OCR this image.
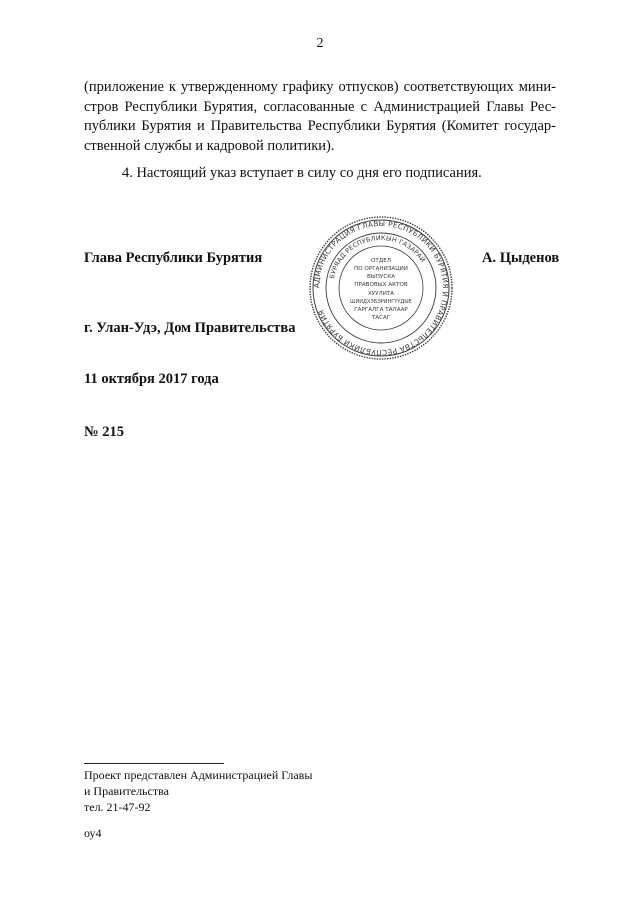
2
(приложение к утвержденному графику отпусков) соответствующих мини-
стров Республики Бурятия, согласованные с Администрацией Главы Рес-
публики Бурятия и Правительства Республики Бурятия (Комитет государ-
ственной службы и кадровой политики).
4. Настоящий указ вступает в силу со дня его подписания.
Глава Республики Бурятия	А. Цыденов
АДМИНИСТРАЦИЯ ГЛАВЫ РЕСПУБЛИКИ БУРЯТИЯ И ПРАВИТЕЛЬСТВА РЕСПУБЛИКИ БУРЯТИЯ
БУРЯАД РЕСПУБЛИКЫН ГАЗАРАЙ
ОТДЕЛ
ПО ОРГАНИЗАЦИИ
ВЫПУСКА
ПРАВОВЫХ АКТОВ
ХУУЛИТА
ШИИДХЭБЭРИНГҮҮДЫЕ
ГАРГАЛГА ТАЛААР
ТАСАГ
г. Улан-Удэ, Дом Правительства
11 октября 2017 года
№ 215
Проект представлен Администрацией Главы
и Правительства
тел. 21-47-92
оу4
